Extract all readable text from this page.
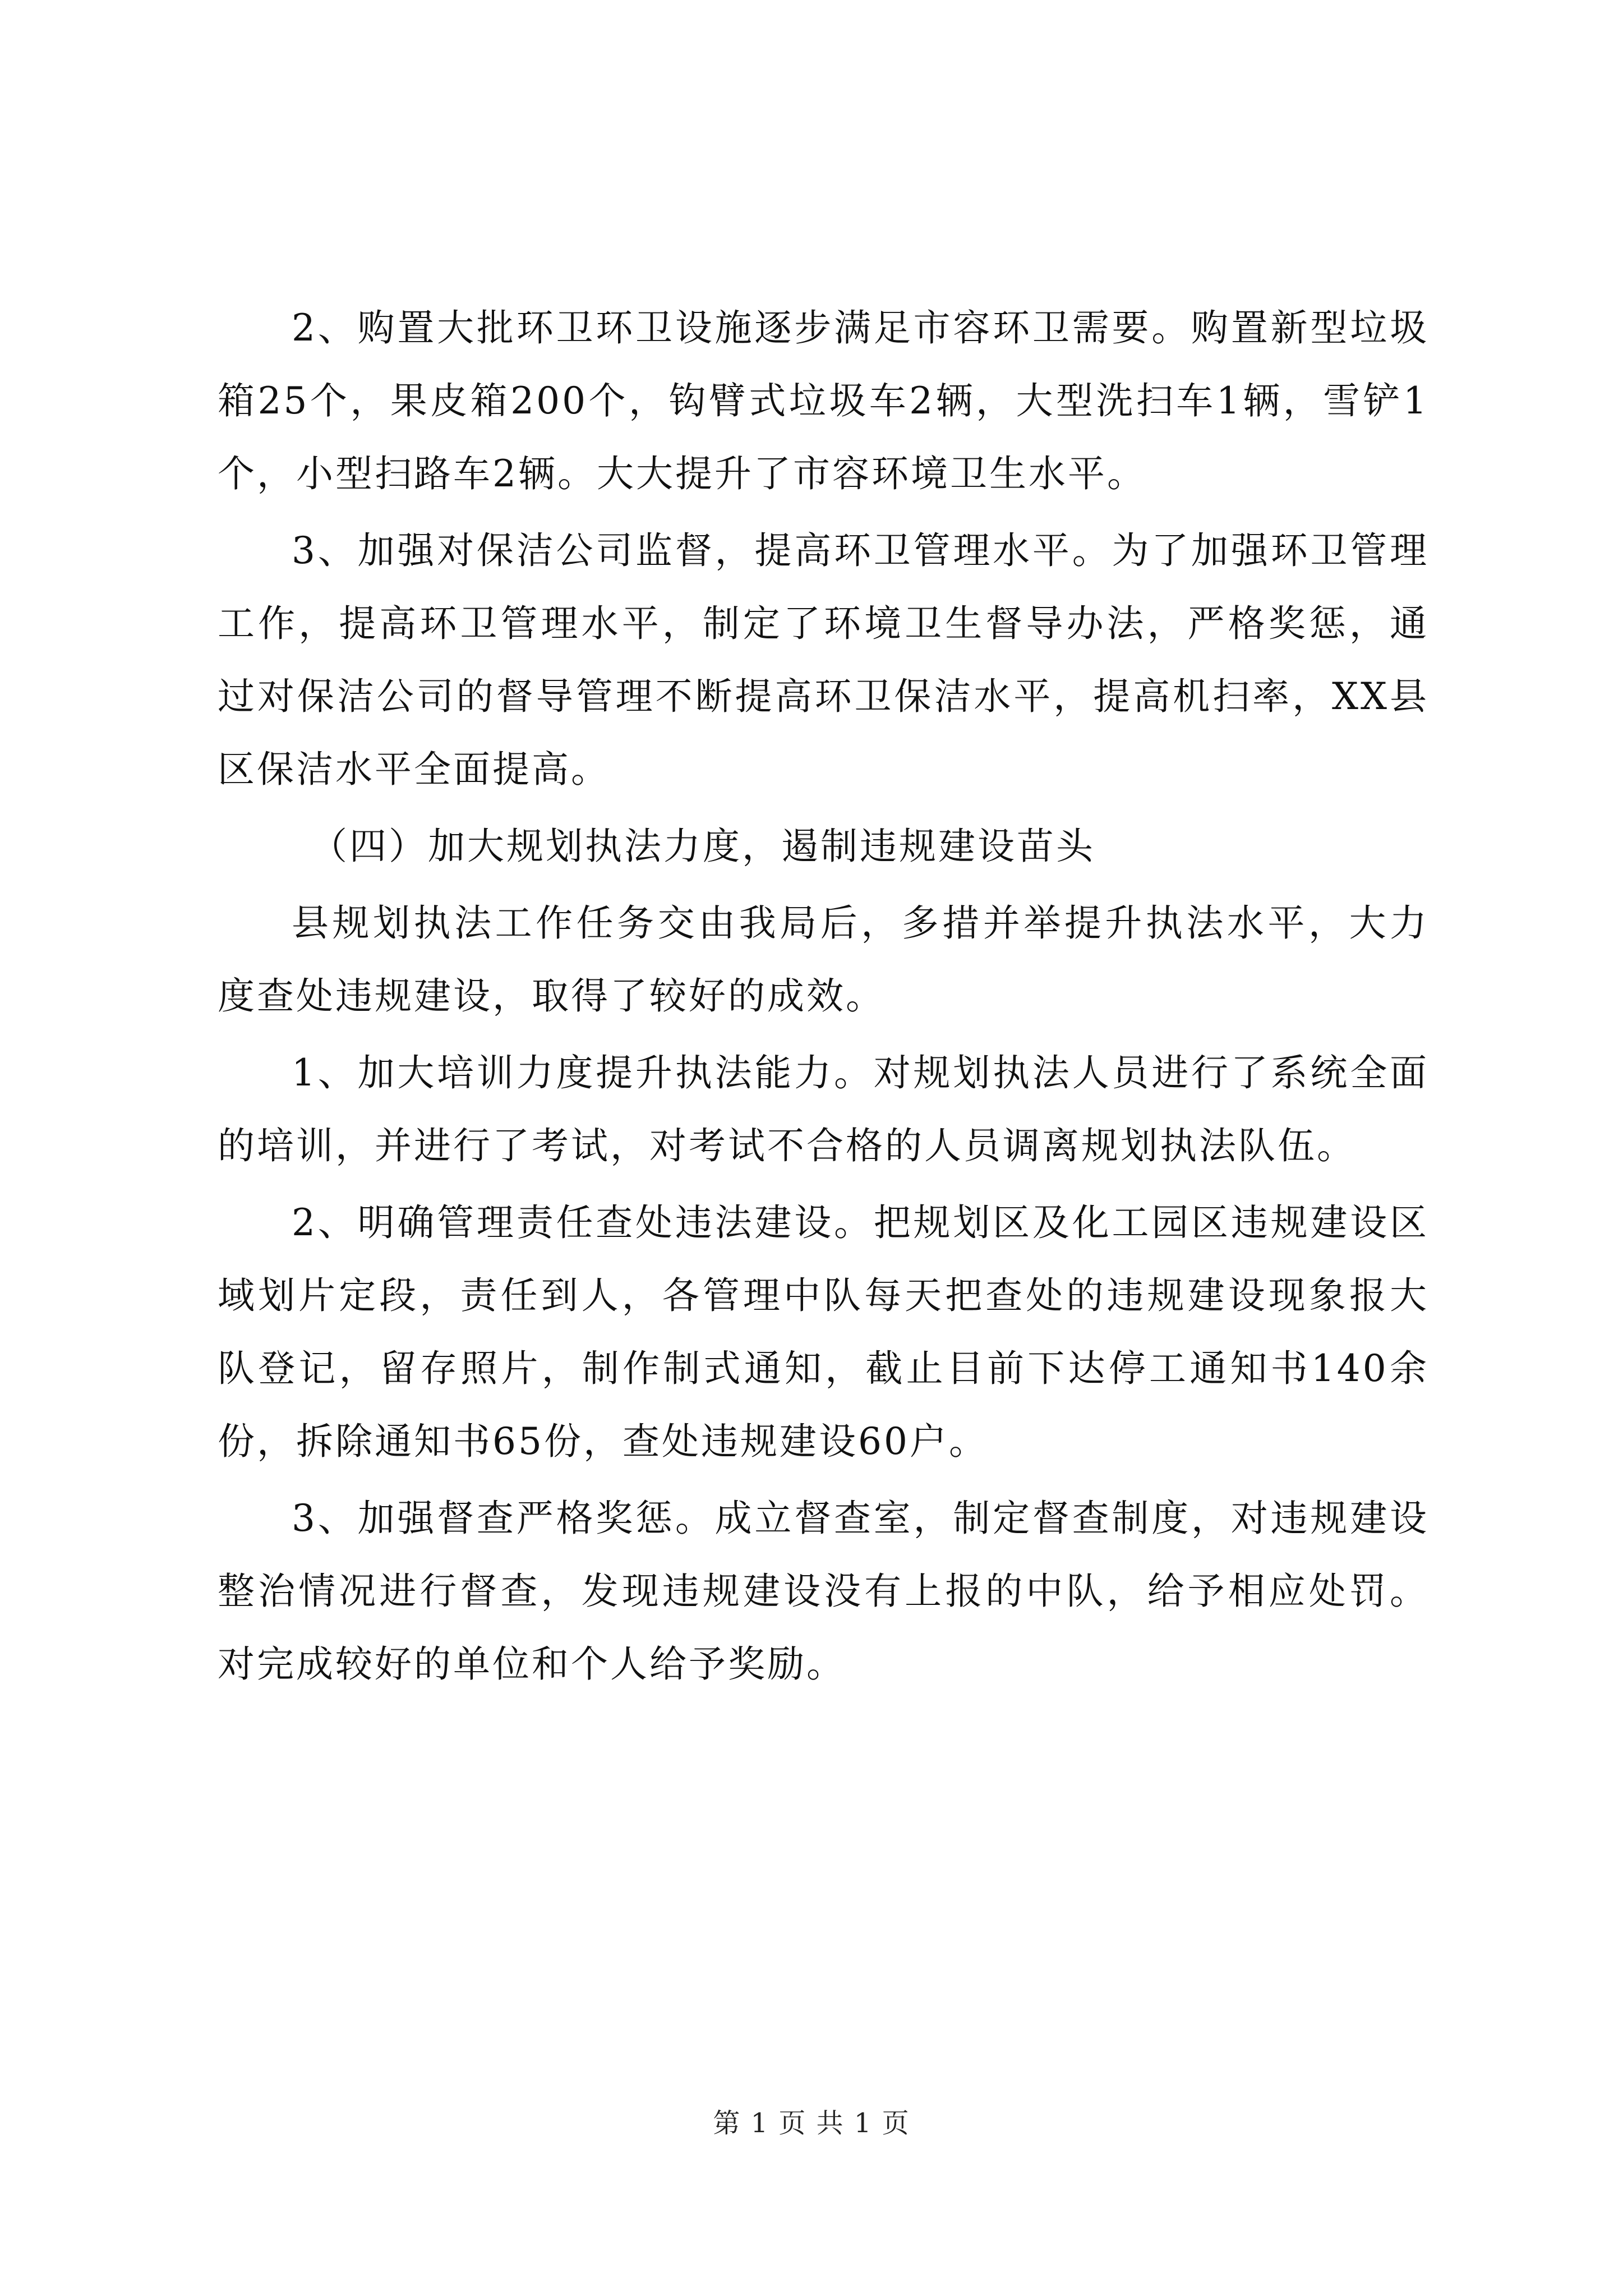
2、购置大批环卫环卫设施逐步满足市容环卫需要。购置新型垃圾箱25个，果皮箱200个，钩臂式垃圾车2辆，大型洗扫车1辆，雪铲1个，小型扫路车2辆。大大提升了市容环境卫生水平。

3、加强对保洁公司监督，提高环卫管理水平。为了加强环卫管理工作，提高环卫管理水平，制定了环境卫生督导办法，严格奖惩，通过对保洁公司的督导管理不断提高环卫保洁水平，提高机扫率，XX县区保洁水平全面提高。

（四）加大规划执法力度，遏制违规建设苗头

县规划执法工作任务交由我局后，多措并举提升执法水平，大力度查处违规建设，取得了较好的成效。

1、加大培训力度提升执法能力。对规划执法人员进行了系统全面的培训，并进行了考试，对考试不合格的人员调离规划执法队伍。

2、明确管理责任查处违法建设。把规划区及化工园区违规建设区域划片定段，责任到人，各管理中队每天把查处的违规建设现象报大队登记，留存照片，制作制式通知，截止目前下达停工通知书140余份，拆除通知书65份，查处违规建设60户。

3、加强督查严格奖惩。成立督查室，制定督查制度，对违规建设整治情况进行督查，发现违规建设没有上报的中队，给予相应处罚。对完成较好的单位和个人给予奖励。

第 1 页 共 1 页
